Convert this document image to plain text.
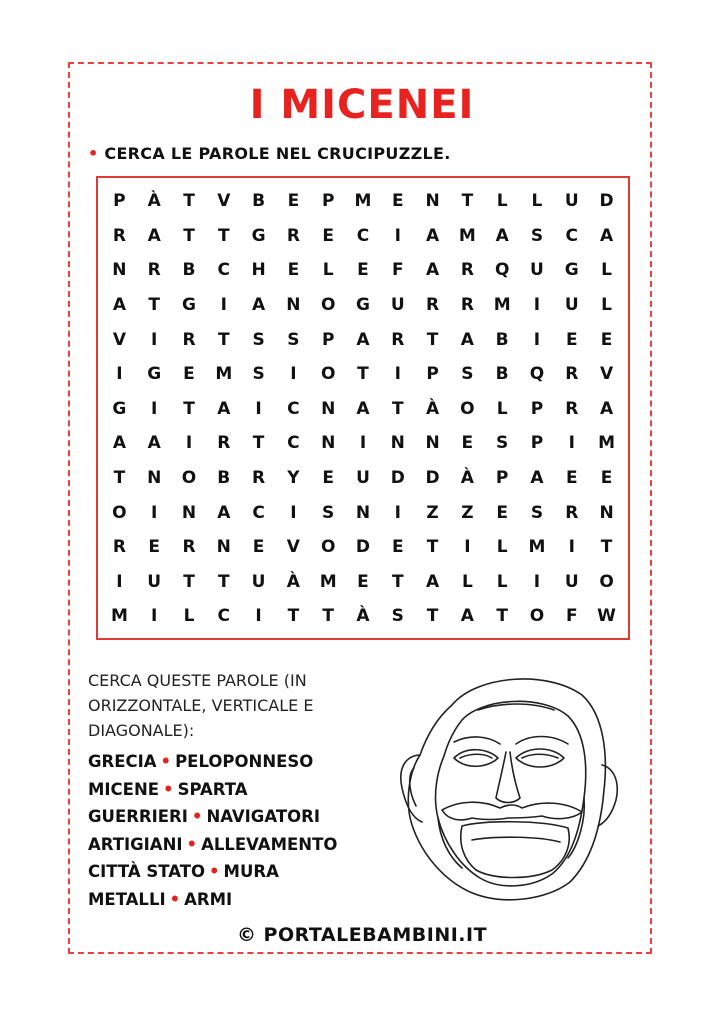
I MICENEI
• CERCA LE PAROLE NEL CRUCIPUZZLE.
P	À	T	V	B	E	P	M	E	N	T	L	L	U	D
R	A	T	T	G	R	E	C	I	A	M	A	S	C	A
N	R	B	C	H	E	L	E	F	A	R	Q	U	G	L
A	T	G	I	A	N	O	G	U	R	R	M	I	U	L
V	I	R	T	S	S	P	A	R	T	A	B	I	E	E
I	G	E	M	S	I	O	T	I	P	S	B	Q	R	V
G	I	T	A	I	C	N	A	T	À	O	L	P	R	A
A	A	I	R	T	C	N	I	N	N	E	S	P	I	M
T	N	O	B	R	Y	E	U	D	D	À	P	A	E	E
O	I	N	A	C	I	S	N	I	Z	Z	E	S	R	N
R	E	R	N	E	V	O	D	E	T	I	L	M	I	T
I	U	T	T	U	À	M	E	T	A	L	L	I	U	O
M	I	L	C	I	T	T	À	S	T	A	T	O	F	W
CERCA QUESTE PAROLE (IN ORIZZONTALE, VERTICALE E DIAGONALE):
GRECIA • PELOPONNESO
MICENE • SPARTA
GUERRIERI • NAVIGATORI
ARTIGIANI • ALLEVAMENTO
CITTÀ STATO • MURA
METALLI • ARMI
© PORTALEBAMBINI.IT
